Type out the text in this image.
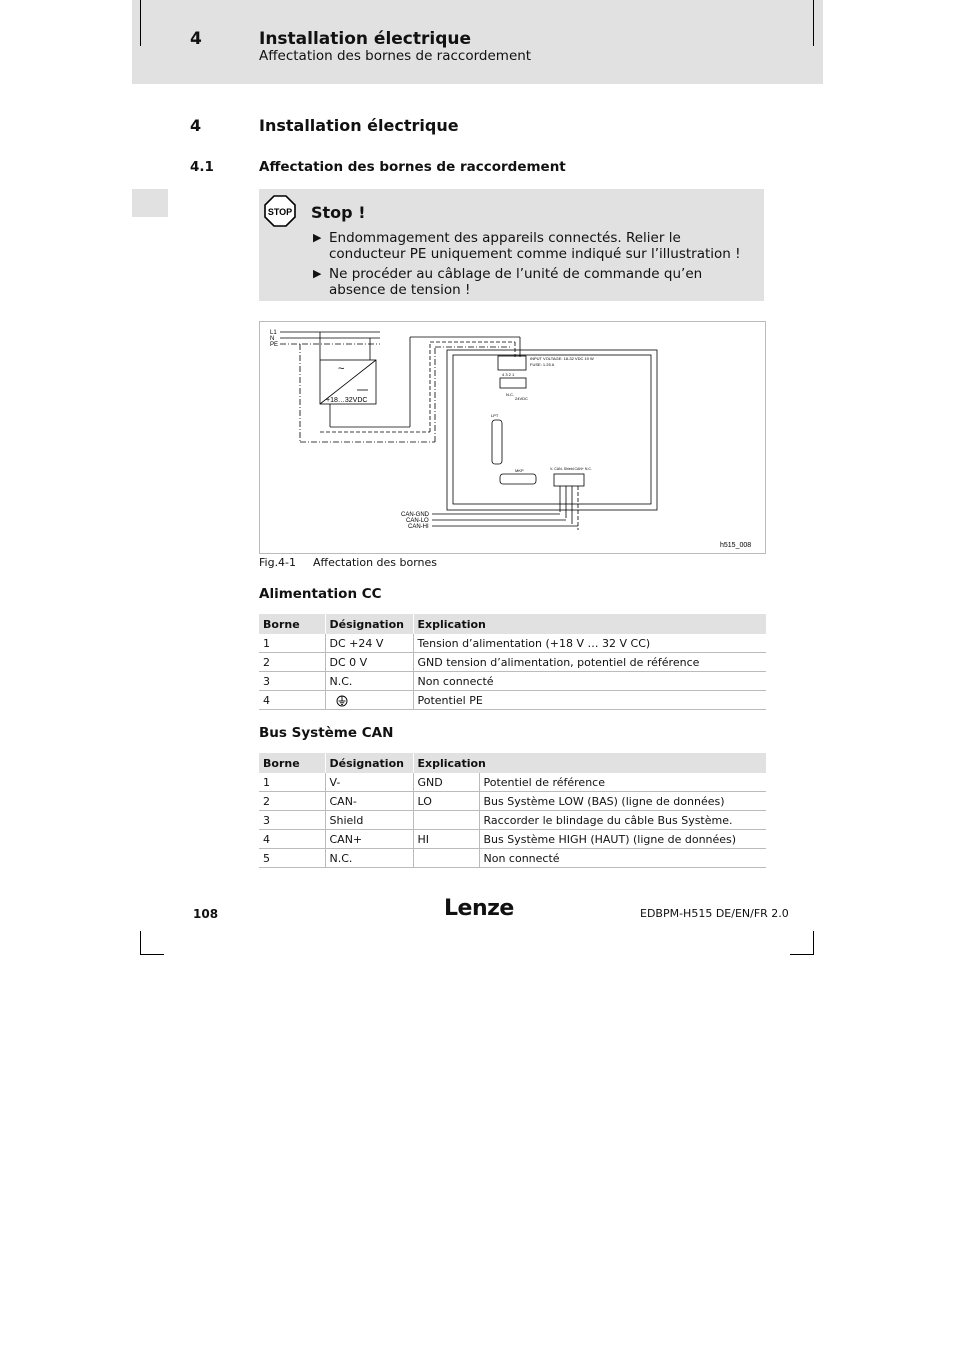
4	Installation électrique
Affectation des bornes de raccordement
4	Installation électrique
4.1	Affectation des bornes de raccordement
STOP Stop !
▶ Endommagement des appareils connectés. Relier le conducteur PE uniquement comme indiqué sur l’illustration !
▶ Ne procéder au câblage de l’unité de commande qu’en absence de tension !
L1
N
PE
~
+18…32VDC
INPUT VOLTAGE: 18-32 VDC 19 W
FUSE: 1.25 A
4 3 2 1
N.C.
24VDC
LPT
MKP	V- CAN- Shield CAN+ N.C.
CAN-GND
CAN-LO
CAN-HI
h515_008
Fig.4-1 Affectation des bornes
Alimentation CC
Borne	Désignation	Explication
1	DC +24 V	Tension d’alimentation (+18 V … 32 V CC)
2	DC 0 V	GND tension d’alimentation, potentiel de référence
3	N.C.	Non connecté
4		Potentiel PE
Bus Système CAN
Borne	Désignation	Explication	
1	V-	GND	Potentiel de référence
2	CAN-	LO	Bus Système LOW (BAS) (ligne de données)
3	Shield		Raccorder le blindage du câble Bus Système.
4	CAN+	HI	Bus Système HIGH (HAUT) (ligne de données)
5	N.C.		Non connecté
108	Lenze	EDBPM-H515 DE/EN/FR 2.0
